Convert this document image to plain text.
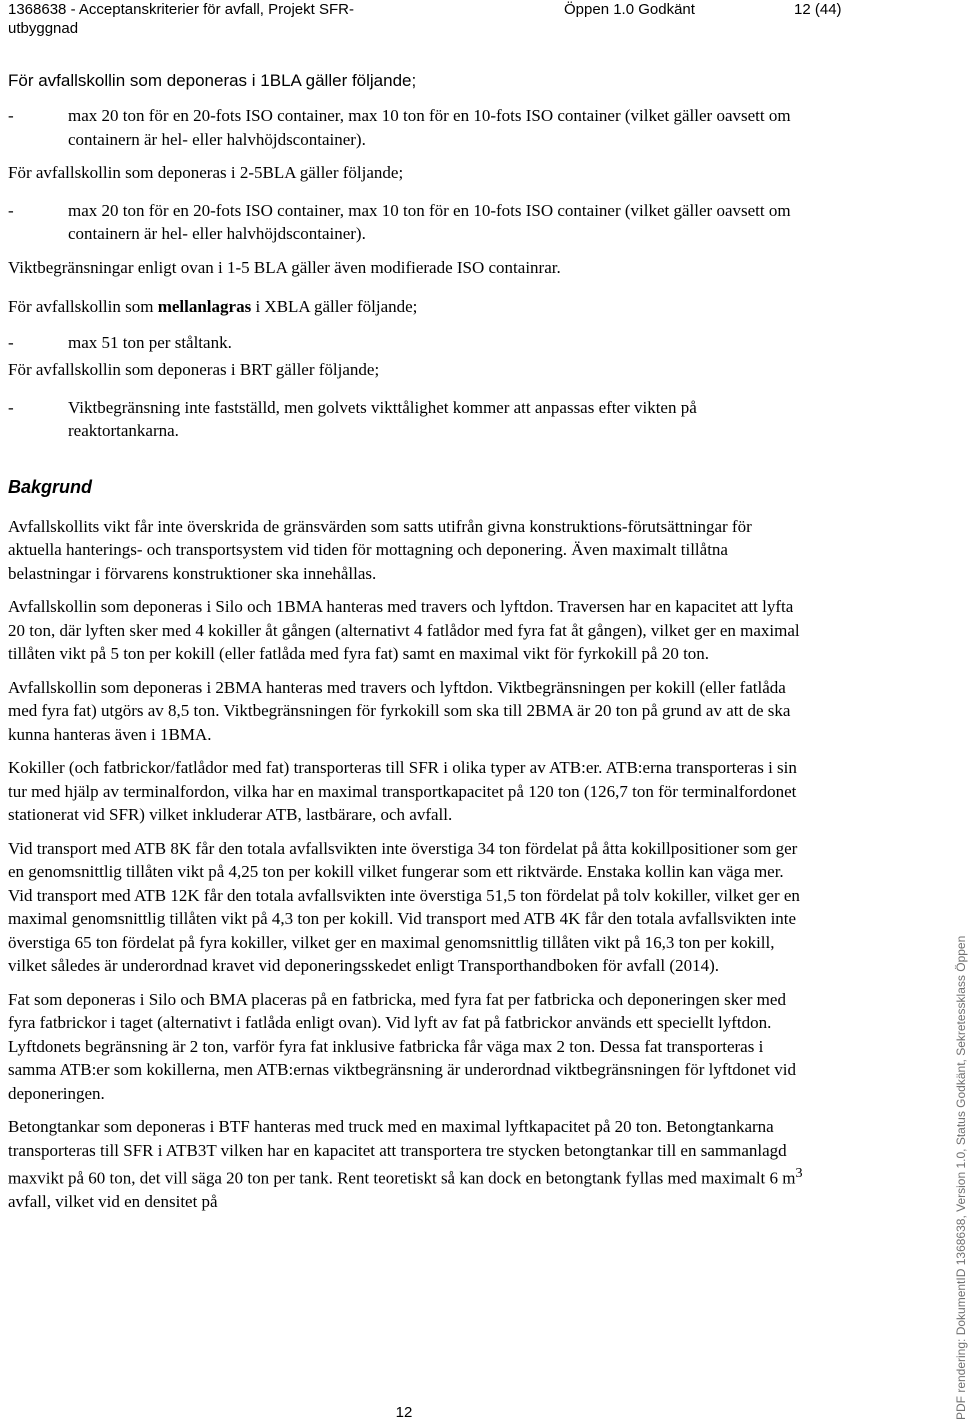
1368638 - Acceptanskriterier för avfall, Projekt SFR-utbyggnad
Öppen 1.0 Godkänt	12 (44)
För avfallskollin som deponeras i 1BLA gäller följande;
-	max 20 ton för en 20-fots ISO container, max 10 ton för en 10-fots ISO container (vilket gäller oavsett om containern är hel- eller halvhöjdscontainer).

För avfallskollin som deponeras i 2-5BLA gäller följande;

-	max 20 ton för en 20-fots ISO container, max 10 ton för en 10-fots ISO container (vilket gäller oavsett om containern är hel- eller halvhöjdscontainer).

Viktbegränsningar enligt ovan i 1-5 BLA gäller även modifierade ISO containrar.

För avfallskollin som mellanlagras i XBLA gäller följande;

-	max 51 ton per ståltank.

För avfallskollin som deponeras i BRT gäller följande;

-	Viktbegränsning inte fastställd, men golvets vikttålighet kommer att anpassas efter vikten på reaktortankarna.
Bakgrund

Avfallskollits vikt får inte överskrida de gränsvärden som satts utifrån givna konstruktions-förutsättningar för aktuella hanterings- och transportsystem vid tiden för mottagning och deponering. Även maximalt tillåtna belastningar i förvarens konstruktioner ska innehållas.

Avfallskollin som deponeras i Silo och 1BMA hanteras med travers och lyftdon. Traversen har en kapacitet att lyfta 20 ton, där lyften sker med 4 kokiller åt gången (alternativt 4 fatlådor med fyra fat åt gången), vilket ger en maximal tillåten vikt på 5 ton per kokill (eller fatlåda med fyra fat) samt en maximal vikt för fyrkokill på 20 ton.

Avfallskollin som deponeras i 2BMA hanteras med travers och lyftdon. Viktbegränsningen per kokill (eller fatlåda med fyra fat) utgörs av 8,5 ton. Viktbegränsningen för fyrkokill som ska till 2BMA är 20 ton på grund av att de ska kunna hanteras även i 1BMA.

Kokiller (och fatbrickor/fatlådor med fat) transporteras till SFR i olika typer av ATB:er. ATB:erna transporteras i sin tur med hjälp av terminalfordon, vilka har en maximal transportkapacitet på 120 ton (126,7 ton för terminalfordonet stationerat vid SFR) vilket inkluderar ATB, lastbärare, och avfall.

Vid transport med ATB 8K får den totala avfallsvikten inte överstiga 34 ton fördelat på åtta kokillpositioner som ger en genomsnittlig tillåten vikt på 4,25 ton per kokill vilket fungerar som ett riktvärde. Enstaka kollin kan väga mer. Vid transport med ATB 12K får den totala avfallsvikten inte överstiga 51,5 ton fördelat på tolv kokiller, vilket ger en maximal genomsnittlig tillåten vikt på 4,3 ton per kokill. Vid transport med ATB 4K får den totala avfallsvikten inte överstiga 65 ton fördelat på fyra kokiller, vilket ger en maximal genomsnittlig tillåten vikt på 16,3 ton per kokill, vilket således är underordnad kravet vid deponeringsskedet enligt Transporthandboken för avfall (2014).

Fat som deponeras i Silo och BMA placeras på en fatbricka, med fyra fat per fatbricka och deponeringen sker med fyra fatbrickor i taget (alternativt i fatlåda enligt ovan). Vid lyft av fat på fatbrickor används ett speciellt lyftdon. Lyftdonets begränsning är 2 ton, varför fyra fat inklusive fatbricka får väga max 2 ton. Dessa fat transporteras i samma ATB:er som kokillerna, men ATB:ernas viktbegränsning är underordnad viktbegränsningen för lyftdonet vid deponeringen.

Betongtankar som deponeras i BTF hanteras med truck med en maximal lyftkapacitet på 20 ton. Betongtankarna transporteras till SFR i ATB3T vilken har en kapacitet att transportera tre stycken betongtankar till en sammanlagd maxvikt på 60 ton, det vill säga 20 ton per tank. Rent teoretiskt så kan dock en betongtank fyllas med maximalt 6 $m^3$ avfall, vilket vid en densitet på

12	PDF rendering: DokumentID 1368638, Version 1.0, Status Godkänt, Sekretessklass Öppen
